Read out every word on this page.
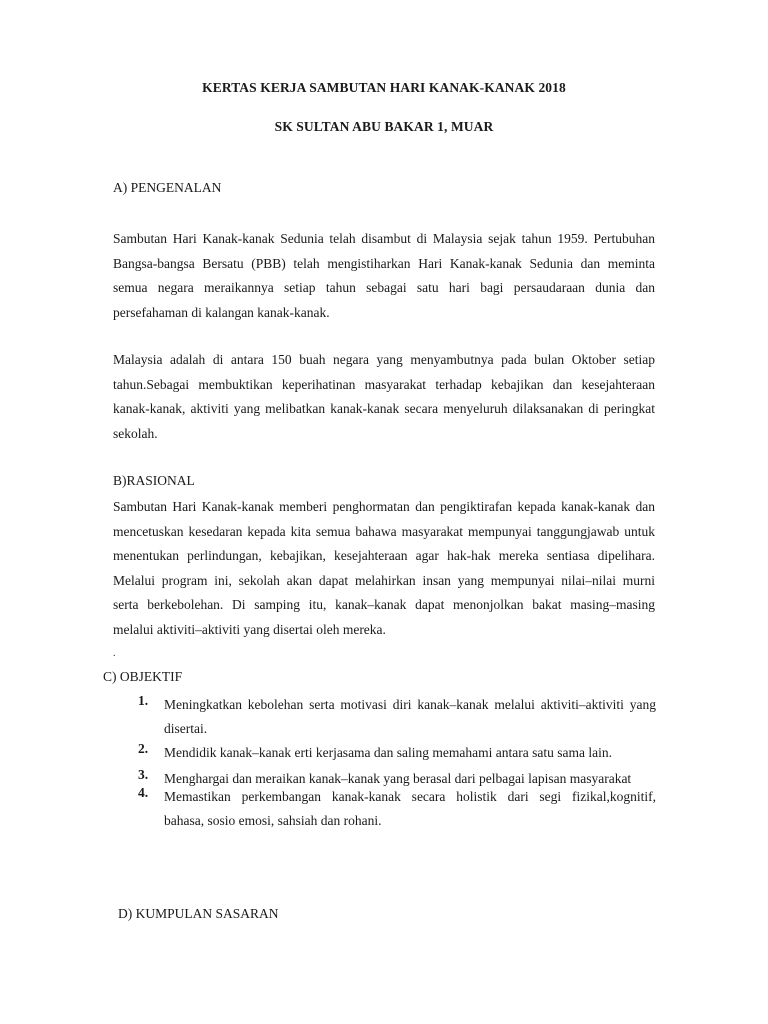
KERTAS KERJA SAMBUTAN HARI KANAK-KANAK 2018
SK SULTAN ABU BAKAR 1, MUAR
A) PENGENALAN
Sambutan Hari Kanak-kanak Sedunia telah disambut di Malaysia sejak tahun 1959. Pertubuhan
Bangsa-bangsa Bersatu (PBB) telah mengistiharkan Hari Kanak-kanak Sedunia dan meminta
semua negara meraikannya setiap tahun sebagai satu hari bagi persaudaraan dunia dan
persefahaman di kalangan kanak-kanak.
Malaysia adalah di antara 150 buah negara yang menyambutnya pada bulan Oktober setiap
tahun.Sebagai membuktikan keperihatinan masyarakat terhadap kebajikan dan kesejahteraan
kanak-kanak, aktiviti yang melibatkan kanak-kanak secara menyeluruh dilaksanakan di peringkat
sekolah.
B)RASIONAL
Sambutan Hari Kanak-kanak memberi penghormatan dan pengiktirafan kepada kanak-kanak dan
mencetuskan kesedaran kepada kita semua bahawa masyarakat mempunyai tanggungjawab untuk
menentukan perlindungan, kebajikan, kesejahteraan agar hak-hak mereka sentiasa dipelihara.
Melalui program ini, sekolah akan dapat melahirkan insan yang mempunyai nilai–nilai murni
serta berkebolehan. Di samping itu, kanak–kanak dapat menonjolkan bakat masing–masing
melalui aktiviti–aktiviti yang disertai oleh mereka.
.
C) OBJEKTIF
1. Meningkatkan kebolehan serta motivasi diri kanak–kanak melalui aktiviti–aktiviti yang
disertai.
2. Mendidik kanak–kanak erti kerjasama dan saling memahami antara satu sama lain.
3. Menghargai dan meraikan kanak–kanak yang berasal dari pelbagai lapisan masyarakat
4. Memastikan perkembangan kanak-kanak secara holistik dari segi fizikal,kognitif,
bahasa, sosio emosi, sahsiah dan rohani.
D) KUMPULAN SASARAN
